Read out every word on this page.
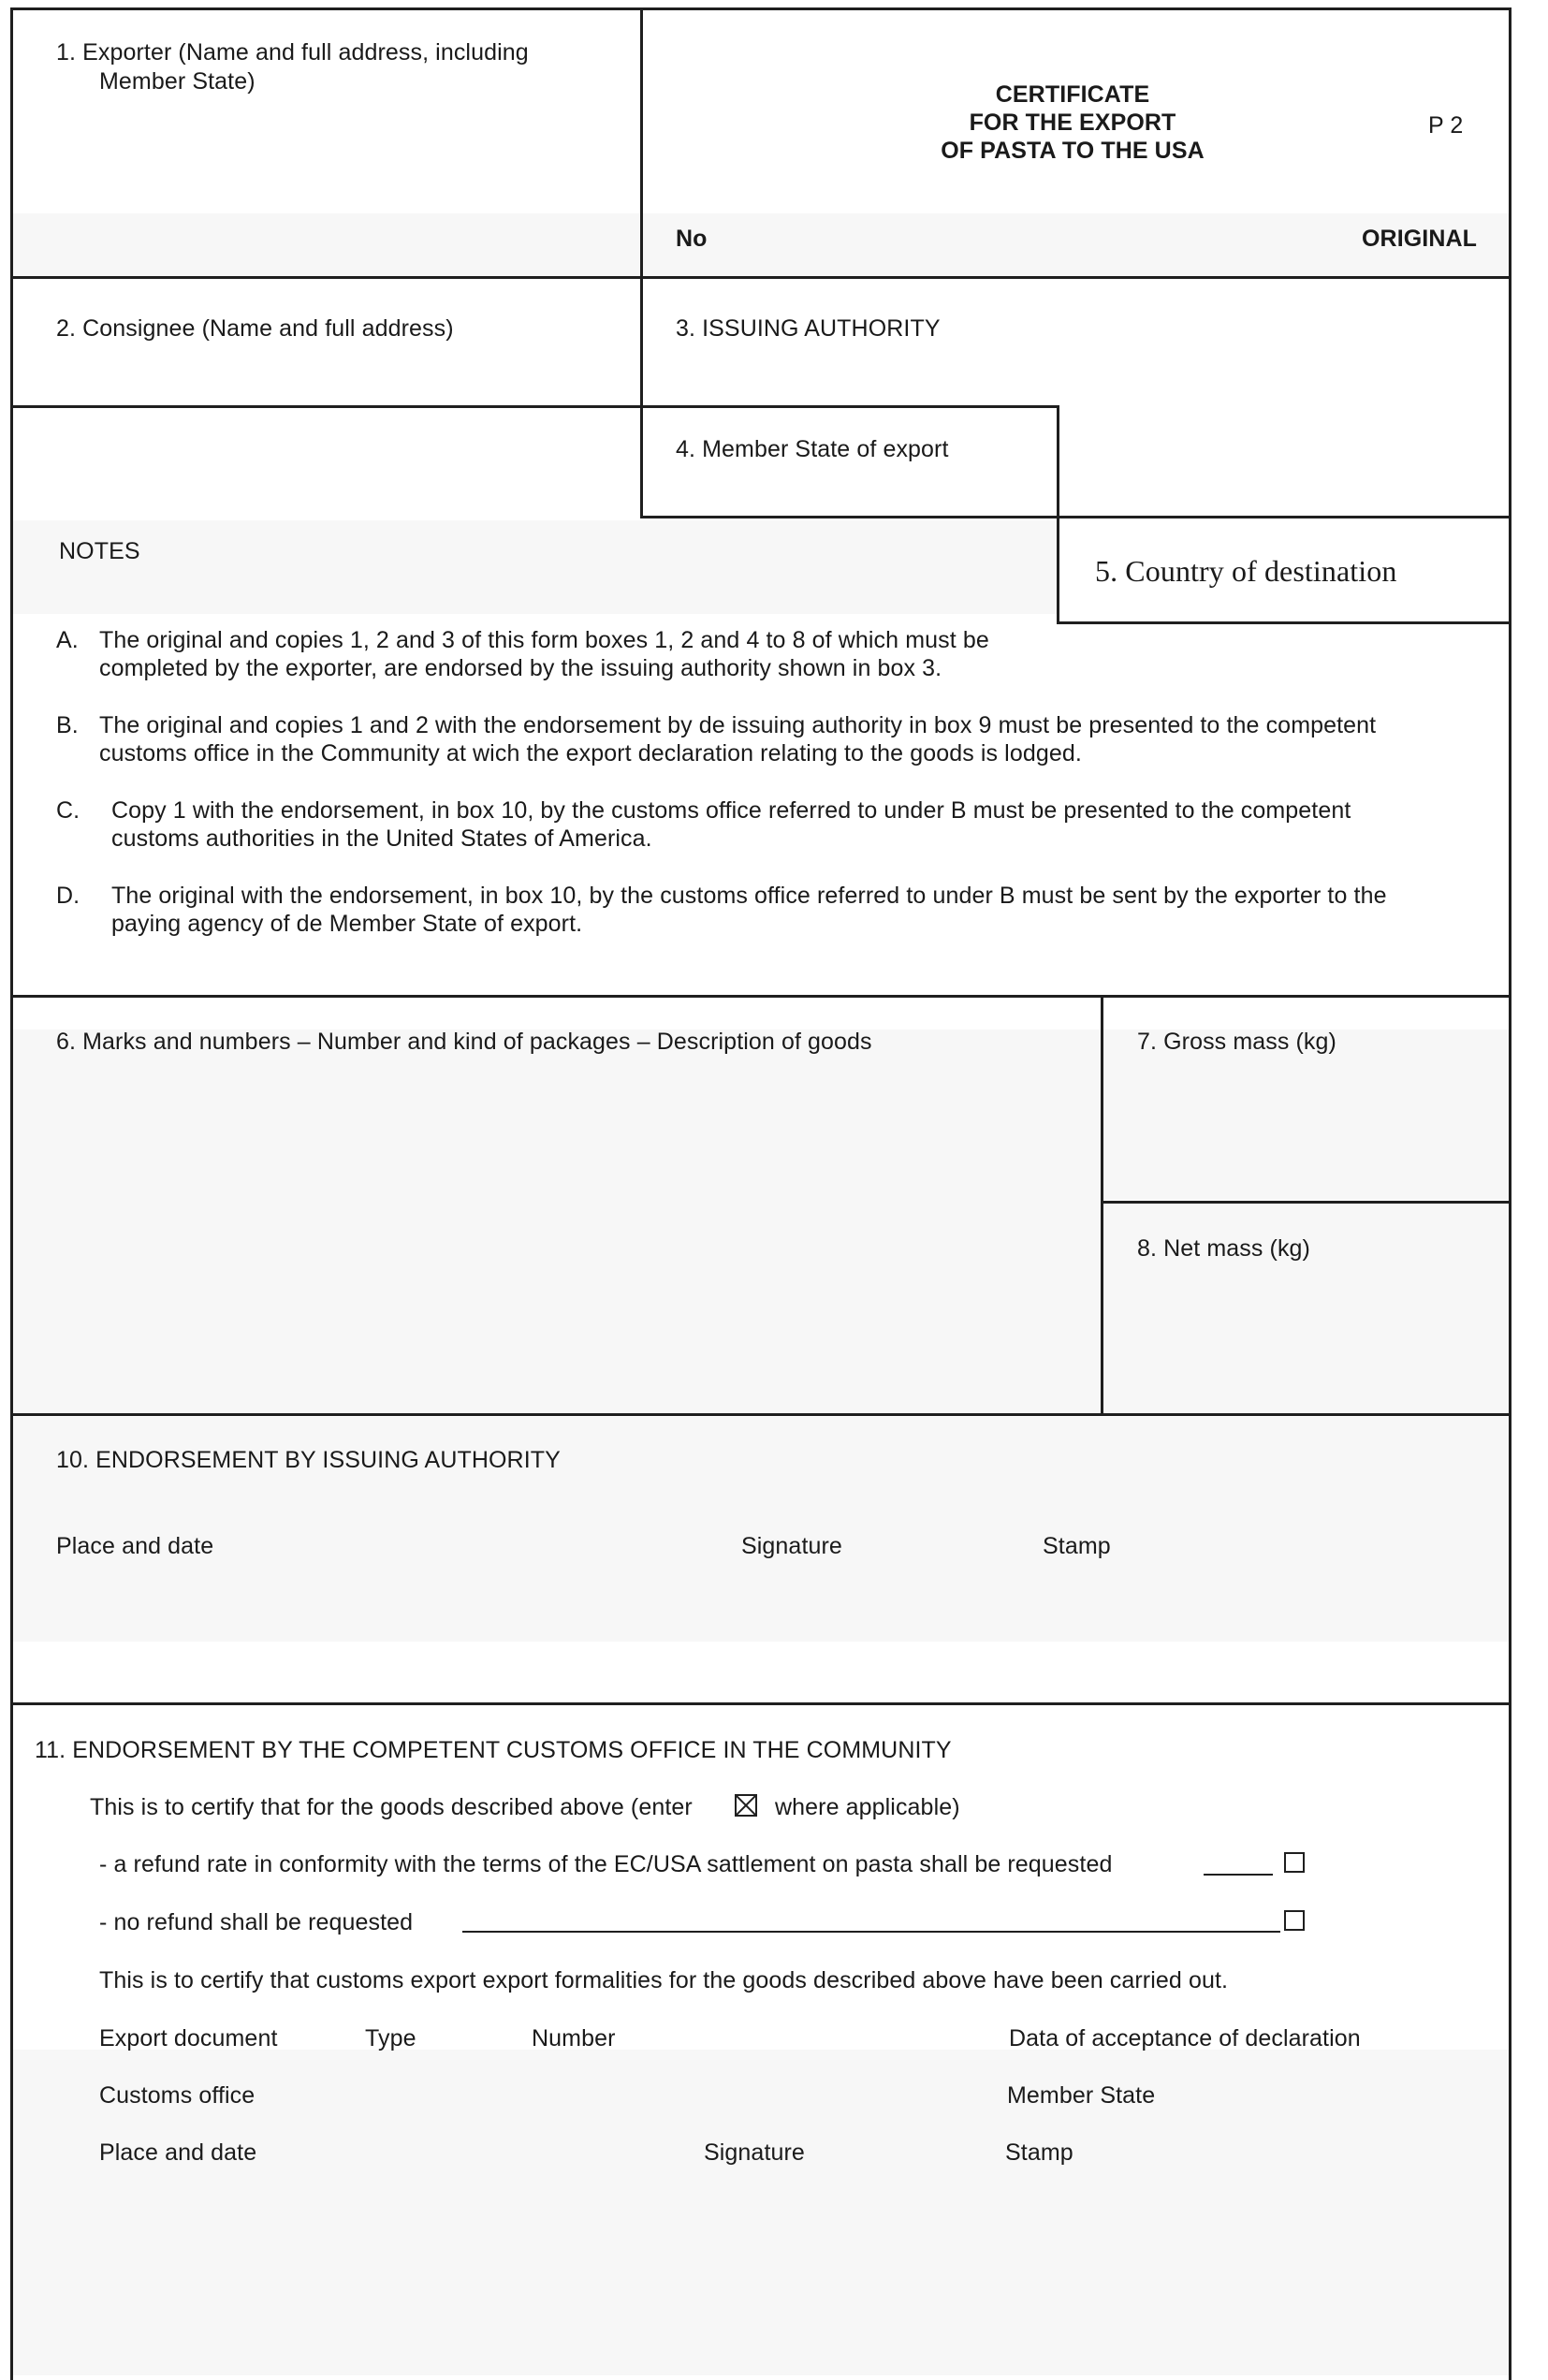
1. Exporter (Name and full address, including
Member State)	CERTIFICATE
FOR THE EXPORT
OF PASTA TO THE USA
P 2
No	ORIGINAL
2. Consignee (Name and full address)	3. ISSUING AUTHORITY
4. Member State of export
5. Country of destination
NOTES
A. The original and copies 1, 2 and 3 of this form boxes 1, 2 and 4 to 8 of which must be
completed by the exporter, are endorsed by the issuing authority shown in box 3.
B. The original and copies 1 and 2 with the endorsement by de issuing authority in box 9 must be presented to the competent
customs office in the Community at wich the export declaration relating to the goods is lodged.
C. Copy 1 with the endorsement, in box 10, by the customs office referred to under B must be presented to the competent
customs authorities in the United States of America.
D. The original with the endorsement, in box 10, by the customs office referred to under B must be sent by the exporter to the
paying agency of de Member State of export.
6. Marks and numbers – Number and kind of packages – Description of goods	7. Gross mass (kg)
8. Net mass (kg)
10. ENDORSEMENT BY ISSUING AUTHORITY
Place and date	Signature	Stamp
11. ENDORSEMENT BY THE COMPETENT CUSTOMS OFFICE IN THE COMMUNITY
This is to certify that for the goods described above (enter	where applicable)
- a refund rate in conformity with the terms of the EC/USA sattlement on pasta shall be requested
- no refund shall be requested
This is to certify that customs export export formalities for the goods described above have been carried out.
Export document	Type	Number	Data of acceptance of declaration
Customs office	Member State
Place and date	Signature	Stamp
